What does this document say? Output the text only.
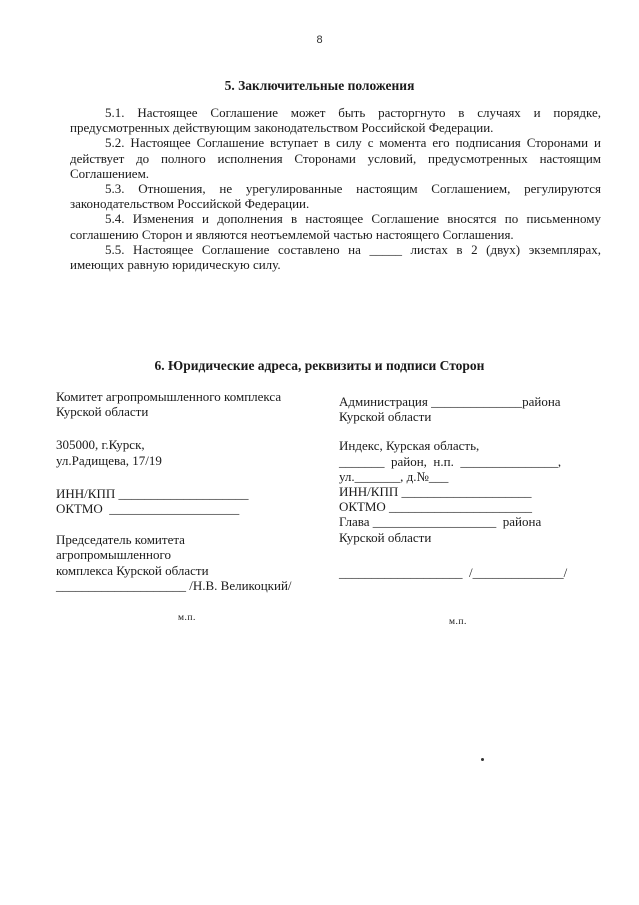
8
5. Заключительные положения

5.1. Настоящее Соглашение может быть расторгнуто в случаях и порядке, предусмотренных действующим законодательством Российской Федерации.

5.2. Настоящее Соглашение вступает в силу с момента его подписания Сторонами и действует до полного исполнения Сторонами условий, предусмотренных настоящим Соглашением.

5.3. Отношения, не урегулированные настоящим Соглашением, регулируются законодательством Российской Федерации.

5.4. Изменения и дополнения в настоящее Соглашение вносятся по письменному соглашению Сторон и являются неотъемлемой частью настоящего Соглашения.

5.5. Настоящее Соглашение составлено на _____ листах в 2 (двух) экземплярах, имеющих равную юридическую силу.

6. Юридические адреса, реквизиты и подписи Сторон
Комитет агропромышленного комплекса
Курской области
305000, г.Курск,
ул.Радищева, 17/19
ИНН/КПП ____________________
ОКТМО  ____________________
Председатель комитета
агропромышленного
комплекса Курской области
____________________ /Н.В. Великоцкий/
м.п.
Администрация ______________района
Курской области
Индекс, Курская область,
_______  район,  н.п.  _______________,
ул._______, д.№___
ИНН/КПП ____________________
ОКТМО ______________________
Глава ___________________  района
Курской области
___________________  /______________/
м.п.
